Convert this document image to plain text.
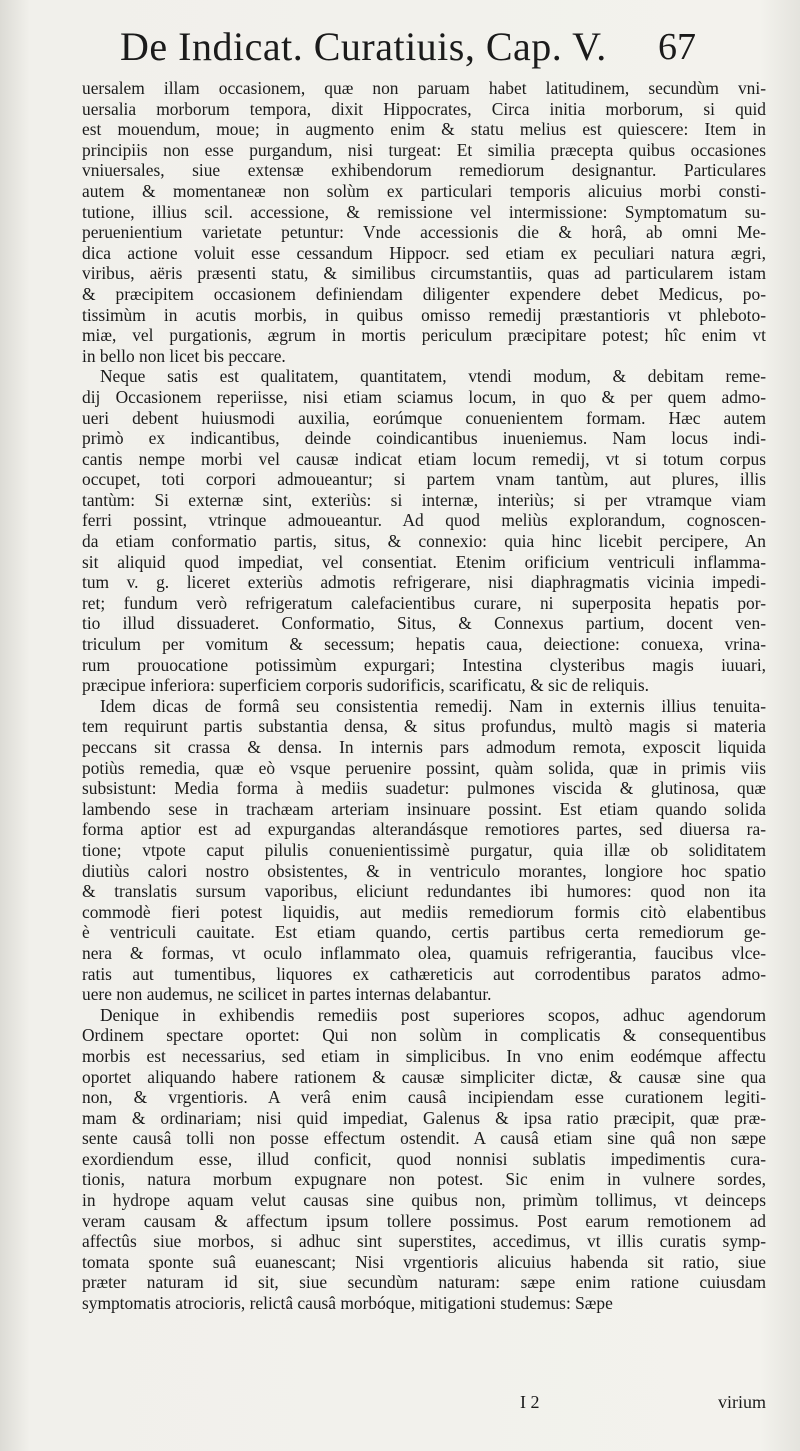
De Indicat. Curatiuis, Cap. V. 67
uersalem illam occasionem, quæ non paruam habet latitudinem, secundùm vni-
uersalia morborum tempora, dixit Hippocrates, Circa initia morborum, si quid
est mouendum, moue; in augmento enim & statu melius est quiescere: Item in
principiis non esse purgandum, nisi turgeat: Et similia præcepta quibus occasiones
vniuersales, siue extensæ exhibendorum remediorum designantur. Particulares
autem & momentaneæ non solùm ex particulari temporis alicuius morbi consti-
tutione, illius scil. accessione, & remissione vel intermissione: Symptomatum su-
peruenientium varietate petuntur: Vnde accessionis die & horâ, ab omni Me-
dica actione voluit esse cessandum Hippocr. sed etiam ex peculiari natura ægri,
viribus, aëris præsenti statu, & similibus circumstantiis, quas ad particularem istam
& præcipitem occasionem definiendam diligenter expendere debet Medicus, po-
tissimùm in acutis morbis, in quibus omisso remedij præstantioris vt phleboto-
miæ, vel purgationis, ægrum in mortis periculum præcipitare potest; hîc enim vt
in bello non licet bis peccare.
Neque satis est qualitatem, quantitatem, vtendi modum, & debitam reme-
dij Occasionem reperiisse, nisi etiam sciamus locum, in quo & per quem admo-
ueri debent huiusmodi auxilia, eorúmque conuenientem formam. Hæc autem
primò ex indicantibus, deinde coindicantibus inueniemus. Nam locus indi-
cantis nempe morbi vel causæ indicat etiam locum remedij, vt si totum corpus
occupet, toti corpori admoueantur; si partem vnam tantùm, aut plures, illis
tantùm: Si externæ sint, exteriùs: si internæ, interiùs; si per vtramque viam
ferri possint, vtrinque admoueantur. Ad quod meliùs explorandum, cognoscen-
da etiam conformatio partis, situs, & connexio: quia hinc licebit percipere, An
sit aliquid quod impediat, vel consentiat. Etenim orificium ventriculi inflamma-
tum v. g. liceret exteriùs admotis refrigerare, nisi diaphragmatis vicinia impedi-
ret; fundum verò refrigeratum calefacientibus curare, ni superposita hepatis por-
tio illud dissuaderet. Conformatio, Situs, & Connexus partium, docent ven-
triculum per vomitum & secessum; hepatis caua, deiectione: conuexa, vrina-
rum prouocatione potissimùm expurgari; Intestina clysteribus magis iuuari,
præcipue inferiora: superficiem corporis sudorificis, scarificatu, & sic de reliquis.
Idem dicas de formâ seu consistentia remedij. Nam in externis illius tenuita-
tem requirunt partis substantia densa, & situs profundus, multò magis si materia
peccans sit crassa & densa. In internis pars admodum remota, exposcit liquida
potiùs remedia, quæ eò vsque peruenire possint, quàm solida, quæ in primis viis
subsistunt: Media forma à mediis suadetur: pulmones viscida & glutinosa, quæ
lambendo sese in trachæam arteriam insinuare possint. Est etiam quando solida
forma aptior est ad expurgandas alterandásque remotiores partes, sed diuersa ra-
tione; vtpote caput pilulis conuenientissimè purgatur, quia illæ ob soliditatem
diutiùs calori nostro obsistentes, & in ventriculo morantes, longiore hoc spatio
& translatis sursum vaporibus, eliciunt redundantes ibi humores: quod non ita
commodè fieri potest liquidis, aut mediis remediorum formis citò elabentibus
è ventriculi cauitate. Est etiam quando, certis partibus certa remediorum ge-
nera & formas, vt oculo inflammato olea, quamuis refrigerantia, faucibus vlce-
ratis aut tumentibus, liquores ex cathæreticis aut corrodentibus paratos admo-
uere non audemus, ne scilicet in partes internas delabantur.
Denique in exhibendis remediis post superiores scopos, adhuc agendorum
Ordinem spectare oportet: Qui non solùm in complicatis & consequentibus
morbis est necessarius, sed etiam in simplicibus. In vno enim eodémque affectu
oportet aliquando habere rationem & causæ simpliciter dictæ, & causæ sine qua
non, & vrgentioris. A verâ enim causâ incipiendam esse curationem legiti-
mam & ordinariam; nisi quid impediat, Galenus & ipsa ratio præcipit, quæ præ-
sente causâ tolli non posse effectum ostendit. A causâ etiam sine quâ non sæpe
exordiendum esse, illud conficit, quod nonnisi sublatis impedimentis cura-
tionis, natura morbum expugnare non potest. Sic enim in vulnere sordes,
in hydrope aquam velut causas sine quibus non, primùm tollimus, vt deinceps
veram causam & affectum ipsum tollere possimus. Post earum remotionem ad
affectûs siue morbos, si adhuc sint superstites, accedimus, vt illis curatis symp-
tomata sponte suâ euanescant; Nisi vrgentioris alicuius habenda sit ratio, siue
præter naturam id sit, siue secundùm naturam: sæpe enim ratione cuiusdam
symptomatis atrocioris, relictâ causâ morbóque, mitigationi studemus: Sæpe
I 2	virium
